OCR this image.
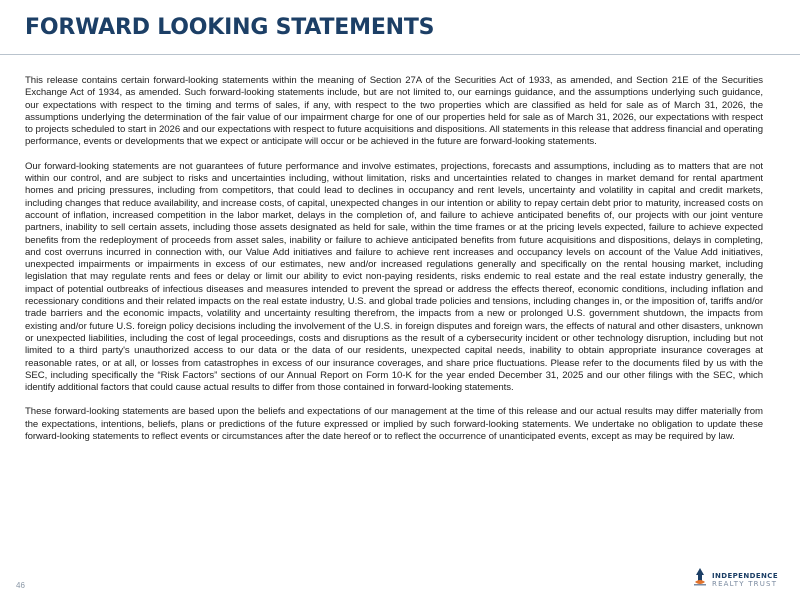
FORWARD LOOKING STATEMENTS

This release contains certain forward-looking statements within the meaning of Section 27A of the Securities Act of 1933, as amended, and Section 21E of the Securities Exchange Act of 1934, as amended. Such forward-looking statements include, but are not limited to, our earnings guidance, and the assumptions underlying such guidance, our expectations with respect to the timing and terms of sales, if any, with respect to the two properties which are classified as held for sale as of March 31, 2026, the assumptions underlying the determination of the fair value of our impairment charge for one of our properties held for sale as of March 31, 2026, our expectations with respect to projects scheduled to start in 2026 and our expectations with respect to future acquisitions and dispositions. All statements in this release that address financial and operating performance, events or developments that we expect or anticipate will occur or be achieved in the future are forward-looking statements.

Our forward-looking statements are not guarantees of future performance and involve estimates, projections, forecasts and assumptions, including as to matters that are not within our control, and are subject to risks and uncertainties including, without limitation, risks and uncertainties related to changes in market demand for rental apartment homes and pricing pressures, including from competitors, that could lead to declines in occupancy and rent levels, uncertainty and volatility in capital and credit markets, including changes that reduce availability, and increase costs, of capital, unexpected changes in our intention or ability to repay certain debt prior to maturity, increased costs on account of inflation, increased competition in the labor market, delays in the completion of, and failure to achieve anticipated benefits of, our projects with our joint venture partners, inability to sell certain assets, including those assets designated as held for sale, within the time frames or at the pricing levels expected, failure to achieve expected benefits from the redeployment of proceeds from asset sales, inability or failure to achieve anticipated benefits from future acquisitions and dispositions, delays in completing, and cost overruns incurred in connection with, our Value Add initiatives and failure to achieve rent increases and occupancy levels on account of the Value Add initiatives, unexpected impairments or impairments in excess of our estimates, new and/or increased regulations generally and specifically on the rental housing market, including legislation that may regulate rents and fees or delay or limit our ability to evict non-paying residents, risks endemic to real estate and the real estate industry generally, the impact of potential outbreaks of infectious diseases and measures intended to prevent the spread or address the effects thereof, economic conditions, including inflation and recessionary conditions and their related impacts on the real estate industry, U.S. and global trade policies and tensions, including changes in, or the imposition of, tariffs and/or trade barriers and the economic impacts, volatility and uncertainty resulting therefrom, the impacts from a new or prolonged U.S. government shutdown, the impacts from existing and/or future U.S. foreign policy decisions including the involvement of the U.S. in foreign disputes and foreign wars, the effects of natural and other disasters, unknown or unexpected liabilities, including the cost of legal proceedings, costs and disruptions as the result of a cybersecurity incident or other technology disruption, including but not limited to a third party's unauthorized access to our data or the data of our residents, unexpected capital needs, inability to obtain appropriate insurance coverages at reasonable rates, or at all, or losses from catastrophes in excess of our insurance coverages, and share price fluctuations. Please refer to the documents filed by us with the SEC, including specifically the “Risk Factors” sections of our Annual Report on Form 10-K for the year ended December 31, 2025 and our other filings with the SEC, which identify additional factors that could cause actual results to differ from those contained in forward-looking statements.

These forward-looking statements are based upon the beliefs and expectations of our management at the time of this release and our actual results may differ materially from the expectations, intentions, beliefs, plans or predictions of the future expressed or implied by such forward-looking statements. We undertake no obligation to update these forward-looking statements to reflect events or circumstances after the date hereof or to reflect the occurrence of unanticipated events, except as may be required by law.

46
INDEPENDENCE
REALTY TRUST
